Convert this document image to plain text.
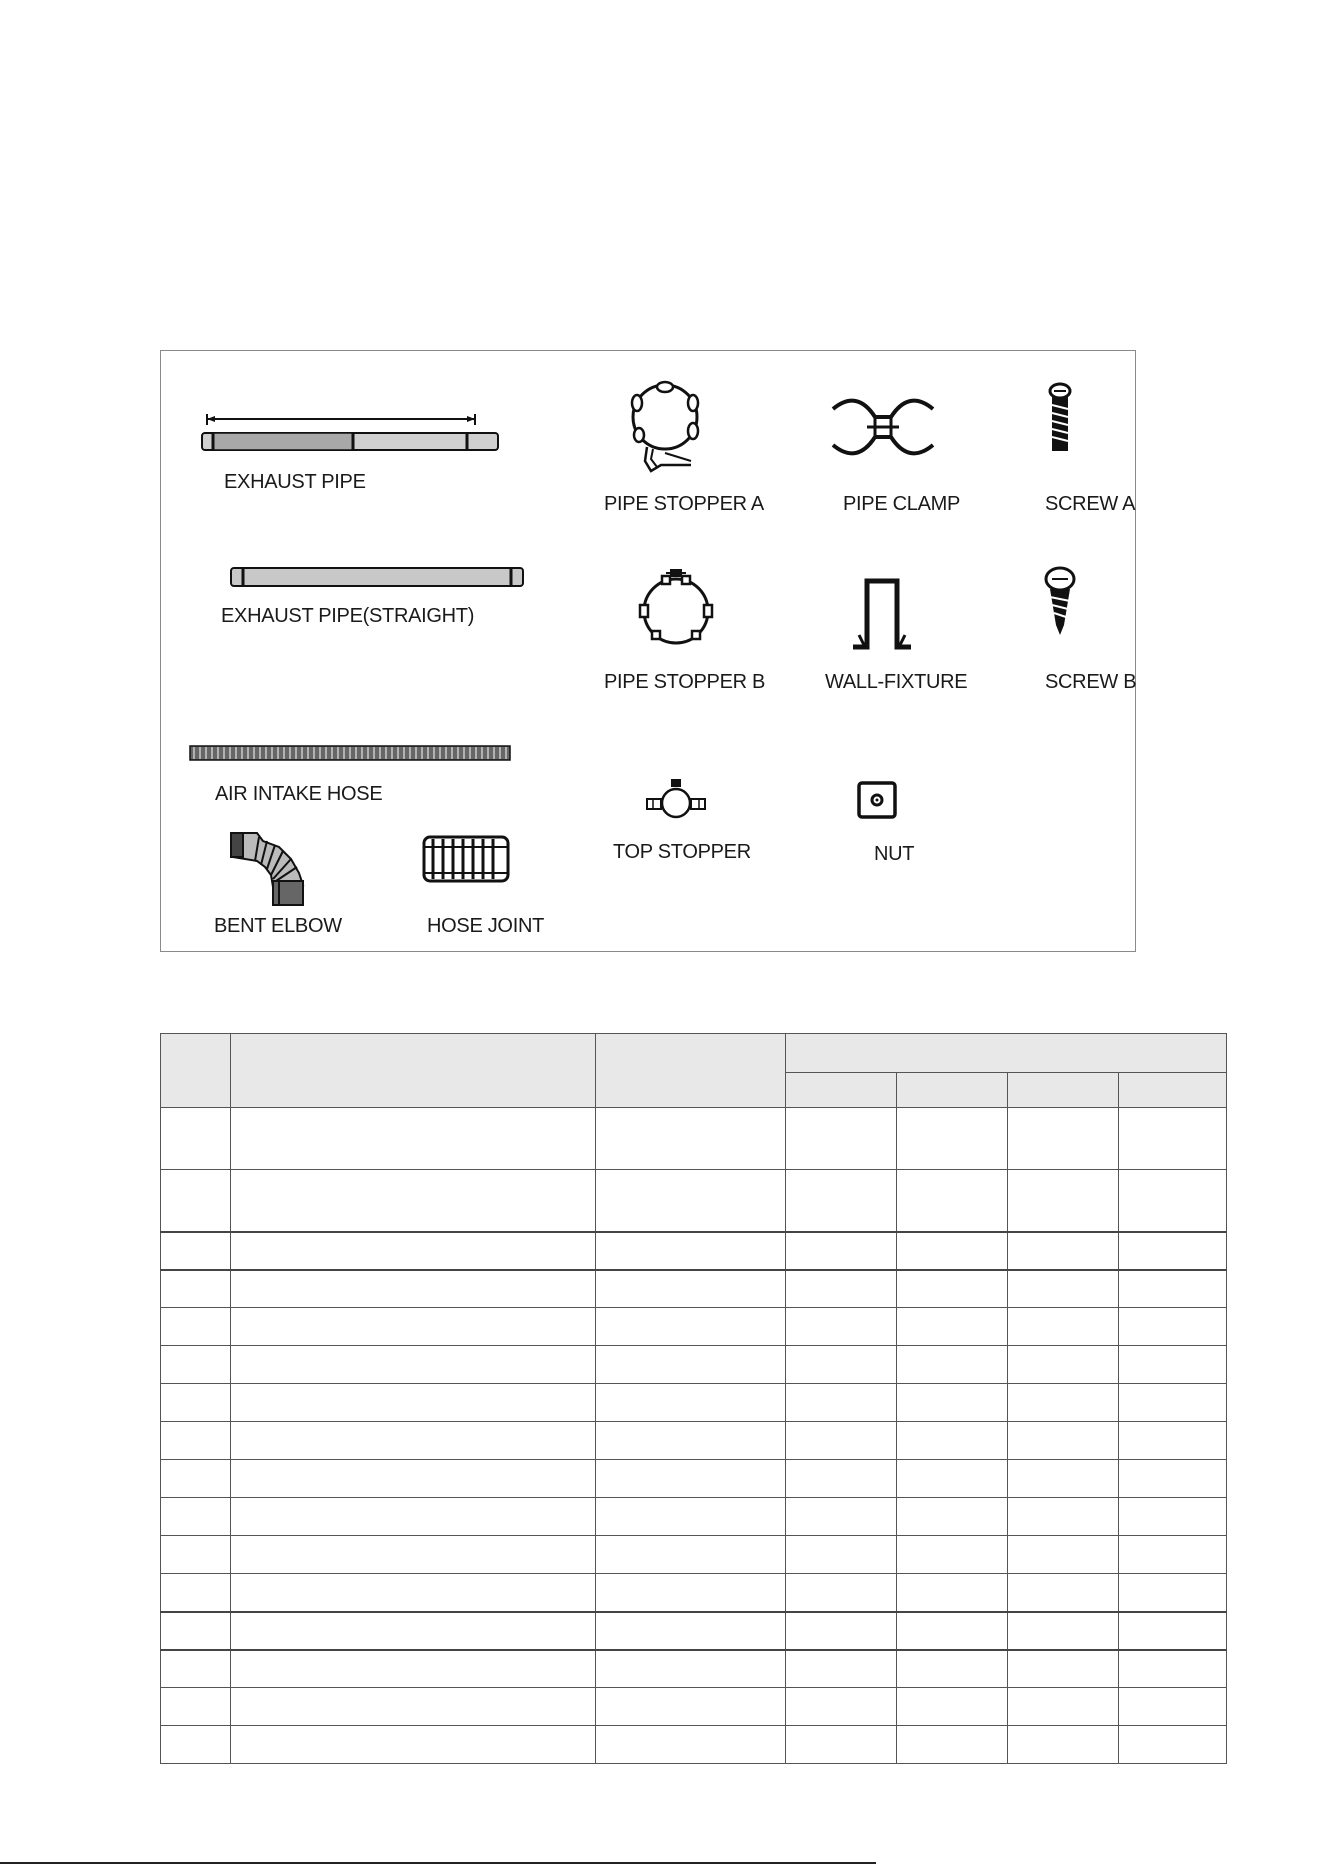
EXHAUST PIPE
EXHAUST PIPE(STRAIGHT)
AIR INTAKE HOSE
BENT ELBOW	HOSE JOINT
PIPE STOPPER A
PIPE STOPPER B
TOP STOPPER
PIPE CLAMP
WALL-FIXTURE
NUT
SCREW A
SCREW B
